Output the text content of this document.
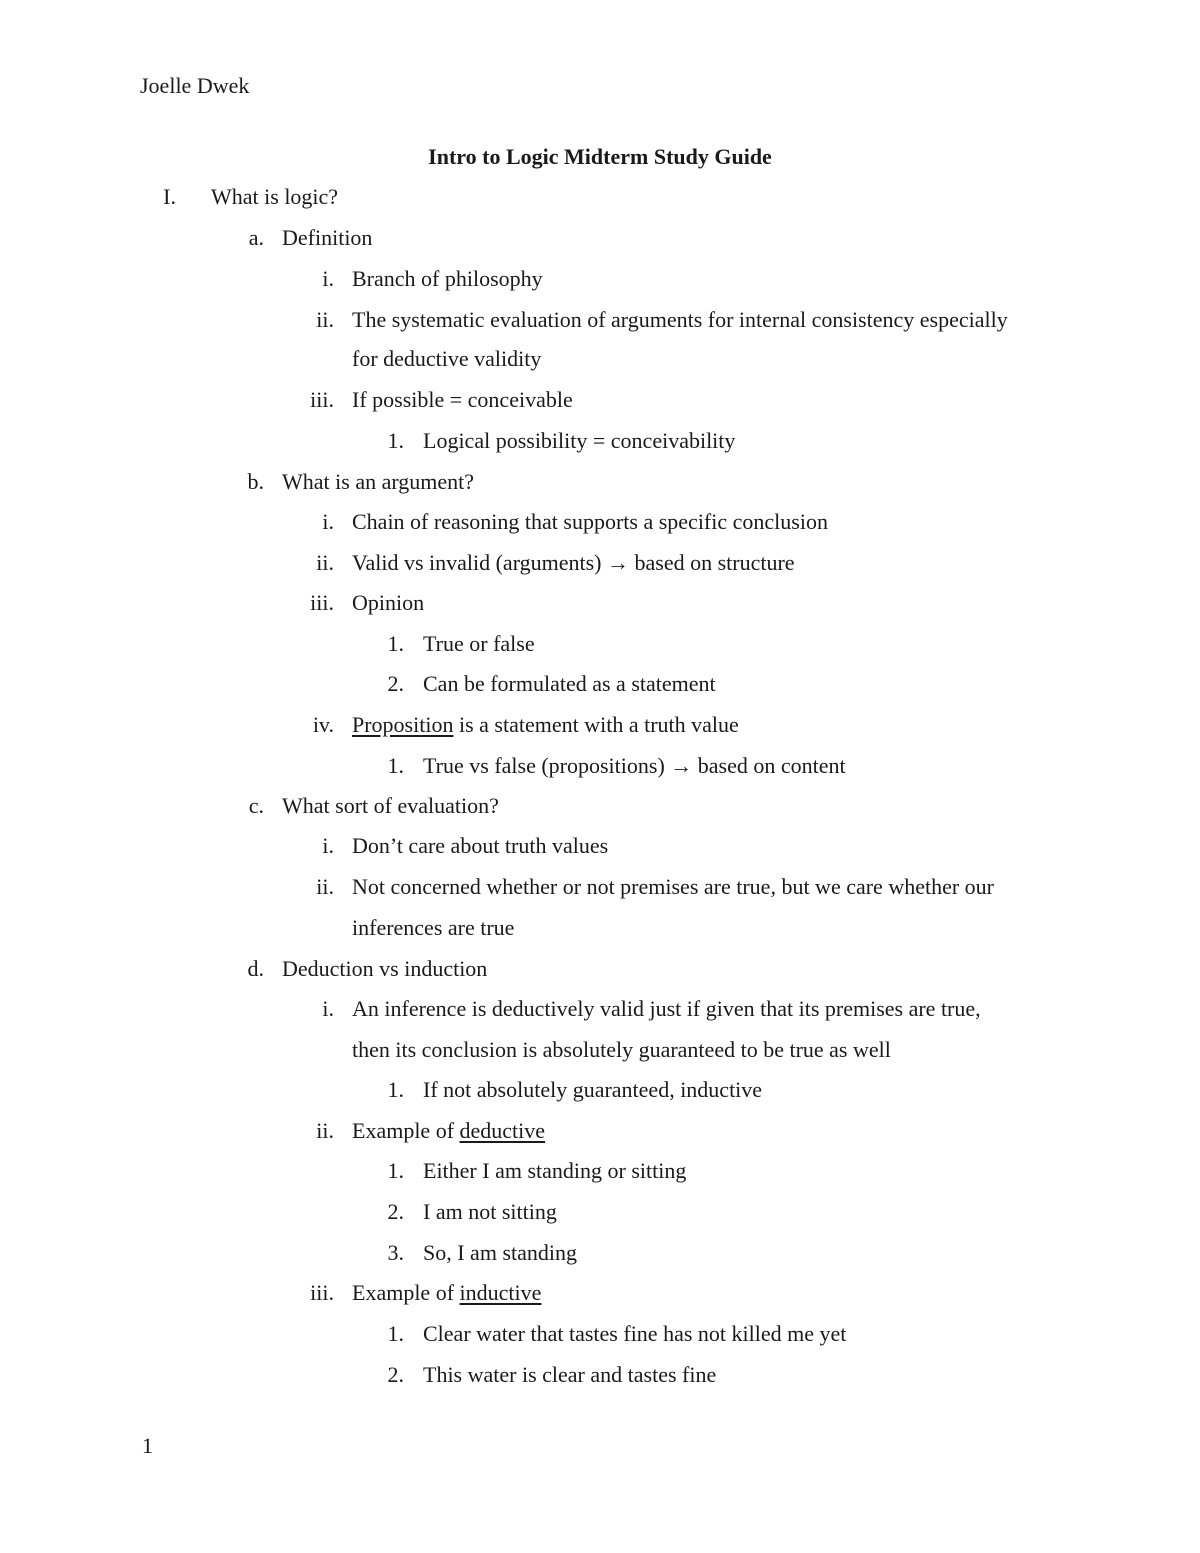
Joelle Dwek
Intro to Logic Midterm Study Guide
I. What is logic?
a. Definition
i. Branch of philosophy
ii. The systematic evaluation of arguments for internal consistency especially
for deductive validity
iii. If possible = conceivable
1. Logical possibility = conceivability
b. What is an argument?
i. Chain of reasoning that supports a specific conclusion
ii. Valid vs invalid (arguments) → based on structure
iii. Opinion
1. True or false
2. Can be formulated as a statement
iv. Proposition is a statement with a truth value
1. True vs false (propositions) → based on content
c. What sort of evaluation?
i. Don’t care about truth values
ii. Not concerned whether or not premises are true, but we care whether our
inferences are true
d. Deduction vs induction
i. An inference is deductively valid just if given that its premises are true,
then its conclusion is absolutely guaranteed to be true as well
1. If not absolutely guaranteed, inductive
ii. Example of deductive
1. Either I am standing or sitting
2. I am not sitting
3. So, I am standing
iii. Example of inductive
1. Clear water that tastes fine has not killed me yet
2. This water is clear and tastes fine
1
